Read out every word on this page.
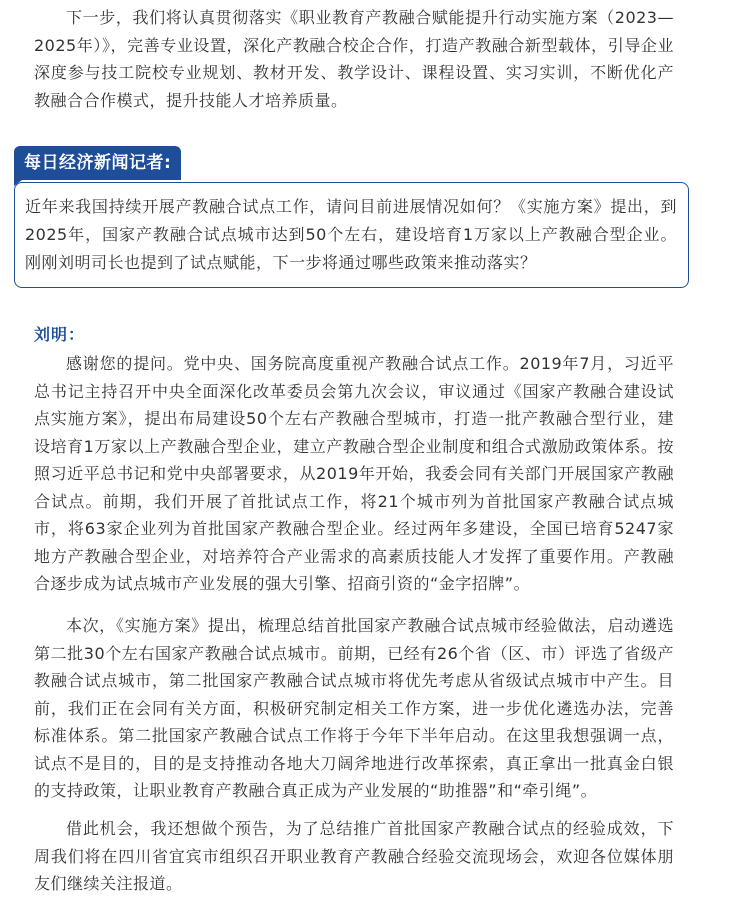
下一步，我们将认真贯彻落实《职业教育产教融合赋能提升行动实施方案（2023—2025年）》，完善专业设置，深化产教融合校企合作，打造产教融合新型载体，引导企业深度参与技工院校专业规划、教材开发、教学设计、课程设置、实习实训，不断优化产教融合合作模式，提升技能人才培养质量。

每日经济新闻记者:

近年来我国持续开展产教融合试点工作，请问目前进展情况如何？《实施方案》提出，到2025年，国家产教融合试点城市达到50个左右，建设培育1万家以上产教融合型企业。刚刚刘明司长也提到了试点赋能，下一步将通过哪些政策来推动落实？

刘明：

感谢您的提问。党中央、国务院高度重视产教融合试点工作。2019年7月，习近平总书记主持召开中央全面深化改革委员会第九次会议，审议通过《国家产教融合建设试点实施方案》，提出布局建设50个左右产教融合型城市，打造一批产教融合型行业，建设培育1万家以上产教融合型企业，建立产教融合型企业制度和组合式激励政策体系。按照习近平总书记和党中央部署要求，从2019年开始，我委会同有关部门开展国家产教融合试点。前期，我们开展了首批试点工作，将21个城市列为首批国家产教融合试点城市，将63家企业列为首批国家产教融合型企业。经过两年多建设，全国已培育5247家地方产教融合型企业，对培养符合产业需求的高素质技能人才发挥了重要作用。产教融合逐步成为试点城市产业发展的强大引擎、招商引资的“金字招牌”。

本次，《实施方案》提出，梳理总结首批国家产教融合试点城市经验做法，启动遴选第二批30个左右国家产教融合试点城市。前期，已经有26个省（区、市）评选了省级产教融合试点城市，第二批国家产教融合试点城市将优先考虑从省级试点城市中产生。目前，我们正在会同有关方面，积极研究制定相关工作方案，进一步优化遴选办法，完善标准体系。第二批国家产教融合试点工作将于今年下半年启动。在这里我想强调一点，试点不是目的，目的是支持推动各地大刀阔斧地进行改革探索，真正拿出一批真金白银的支持政策，让职业教育产教融合真正成为产业发展的“助推器”和“牵引绳”。

借此机会，我还想做个预告，为了总结推广首批国家产教融合试点的经验成效，下周我们将在四川省宜宾市组织召开职业教育产教融合经验交流现场会，欢迎各位媒体朋友们继续关注报道。
